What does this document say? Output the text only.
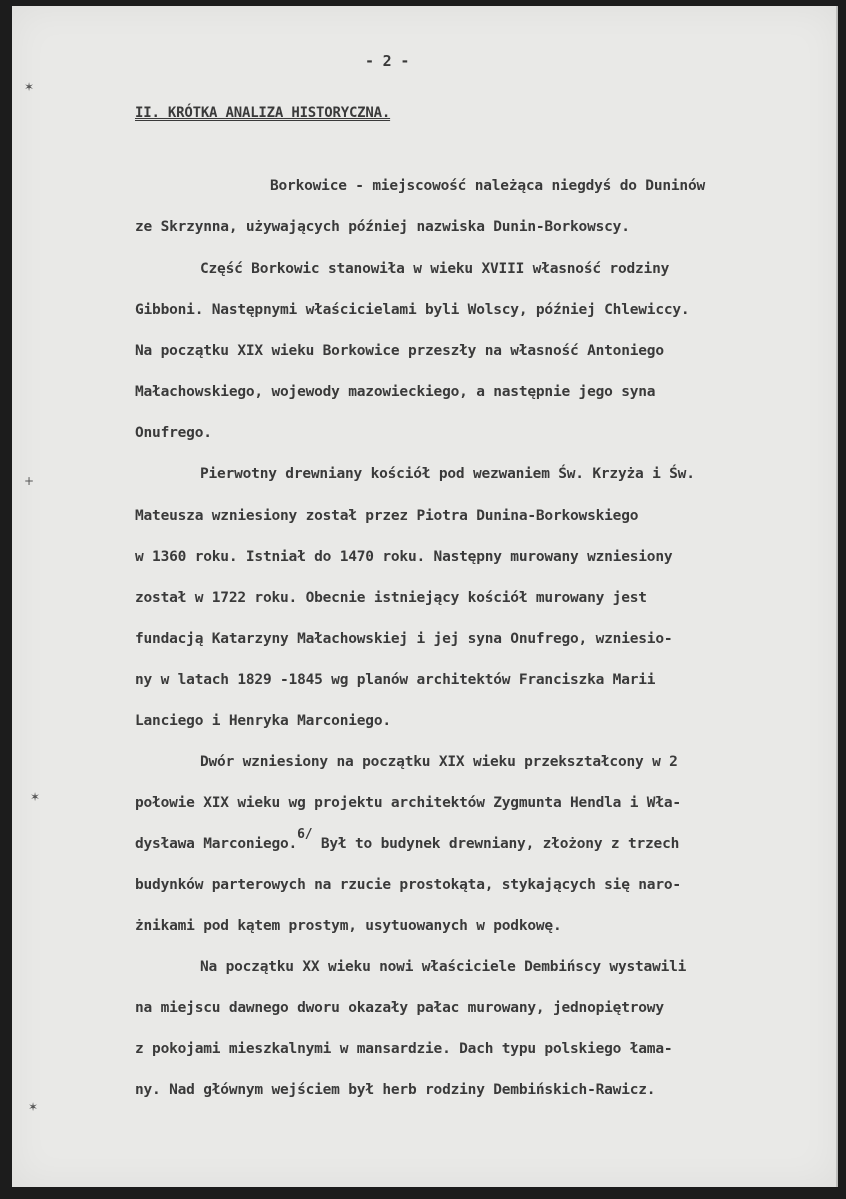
✶
+
✶
✶
- 2 -
II. KRÓTKA ANALIZA HISTORYCZNA.
Borkowice - miejscowość należąca niegdyś do Duninów
ze Skrzynna, używających później nazwiska Dunin-Borkowscy.
Część Borkowic stanowiła w wieku XVIII własność rodziny
Gibboni. Następnymi właścicielami byli Wolscy, później Chlewiccy.
Na początku XIX wieku Borkowice przeszły na własność Antoniego
Małachowskiego, wojewody mazowieckiego, a następnie jego syna
Onufrego.
Pierwotny drewniany kościół pod wezwaniem Św. Krzyża i Św.
Mateusza wzniesiony został przez Piotra Dunina-Borkowskiego
w 1360 roku. Istniał do 1470 roku. Następny murowany wzniesiony
został w 1722 roku. Obecnie istniejący kościół murowany jest
fundacją Katarzyny Małachowskiej i jej syna Onufrego, wzniesio-
ny w latach 1829 -1845 wg planów architektów Franciszka Marii
Lanciego i Henryka Marconiego.
Dwór wzniesiony na początku XIX wieku przekształcony w 2
połowie XIX wieku wg projektu architektów Zygmunta Hendla i Wła-
dysława Marconiego.6/ Był to budynek drewniany, złożony z trzech
budynków parterowych na rzucie prostokąta, stykających się naro-
żnikami pod kątem prostym, usytuowanych w podkowę.
Na początku XX wieku nowi właściciele Dembińscy wystawili
na miejscu dawnego dworu okazały pałac murowany, jednopiętrowy
z pokojami mieszkalnymi w mansardzie. Dach typu polskiego łama-
ny. Nad głównym wejściem był herb rodziny Dembińskich-Rawicz.
